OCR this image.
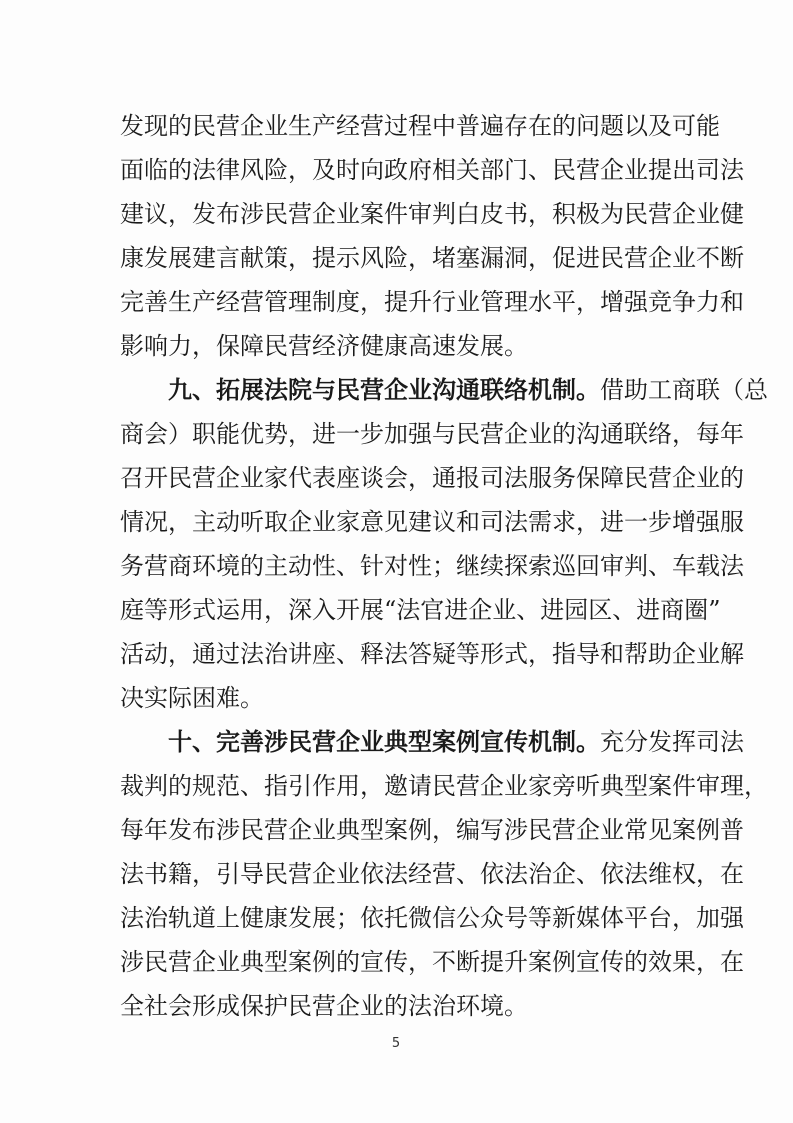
发现的民营企业生产经营过程中普遍存在的问题以及可能
面临的法律风险，及时向政府相关部门、民营企业提出司法
建议，发布涉民营企业案件审判白皮书，积极为民营企业健
康发展建言献策，提示风险，堵塞漏洞，促进民营企业不断
完善生产经营管理制度，提升行业管理水平，增强竞争力和
影响力，保障民营经济健康高速发展。
九、拓展法院与民营企业沟通联络机制。借助工商联（总
商会）职能优势，进一步加强与民营企业的沟通联络，每年
召开民营企业家代表座谈会，通报司法服务保障民营企业的
情况，主动听取企业家意见建议和司法需求，进一步增强服
务营商环境的主动性、针对性；继续探索巡回审判、车载法
庭等形式运用，深入开展“法官进企业、进园区、进商圈”
活动，通过法治讲座、释法答疑等形式，指导和帮助企业解
决实际困难。
十、完善涉民营企业典型案例宣传机制。充分发挥司法
裁判的规范、指引作用，邀请民营企业家旁听典型案件审理，
每年发布涉民营企业典型案例，编写涉民营企业常见案例普
法书籍，引导民营企业依法经营、依法治企、依法维权，在
法治轨道上健康发展；依托微信公众号等新媒体平台，加强
涉民营企业典型案例的宣传，不断提升案例宣传的效果，在
全社会形成保护民营企业的法治环境。
5
